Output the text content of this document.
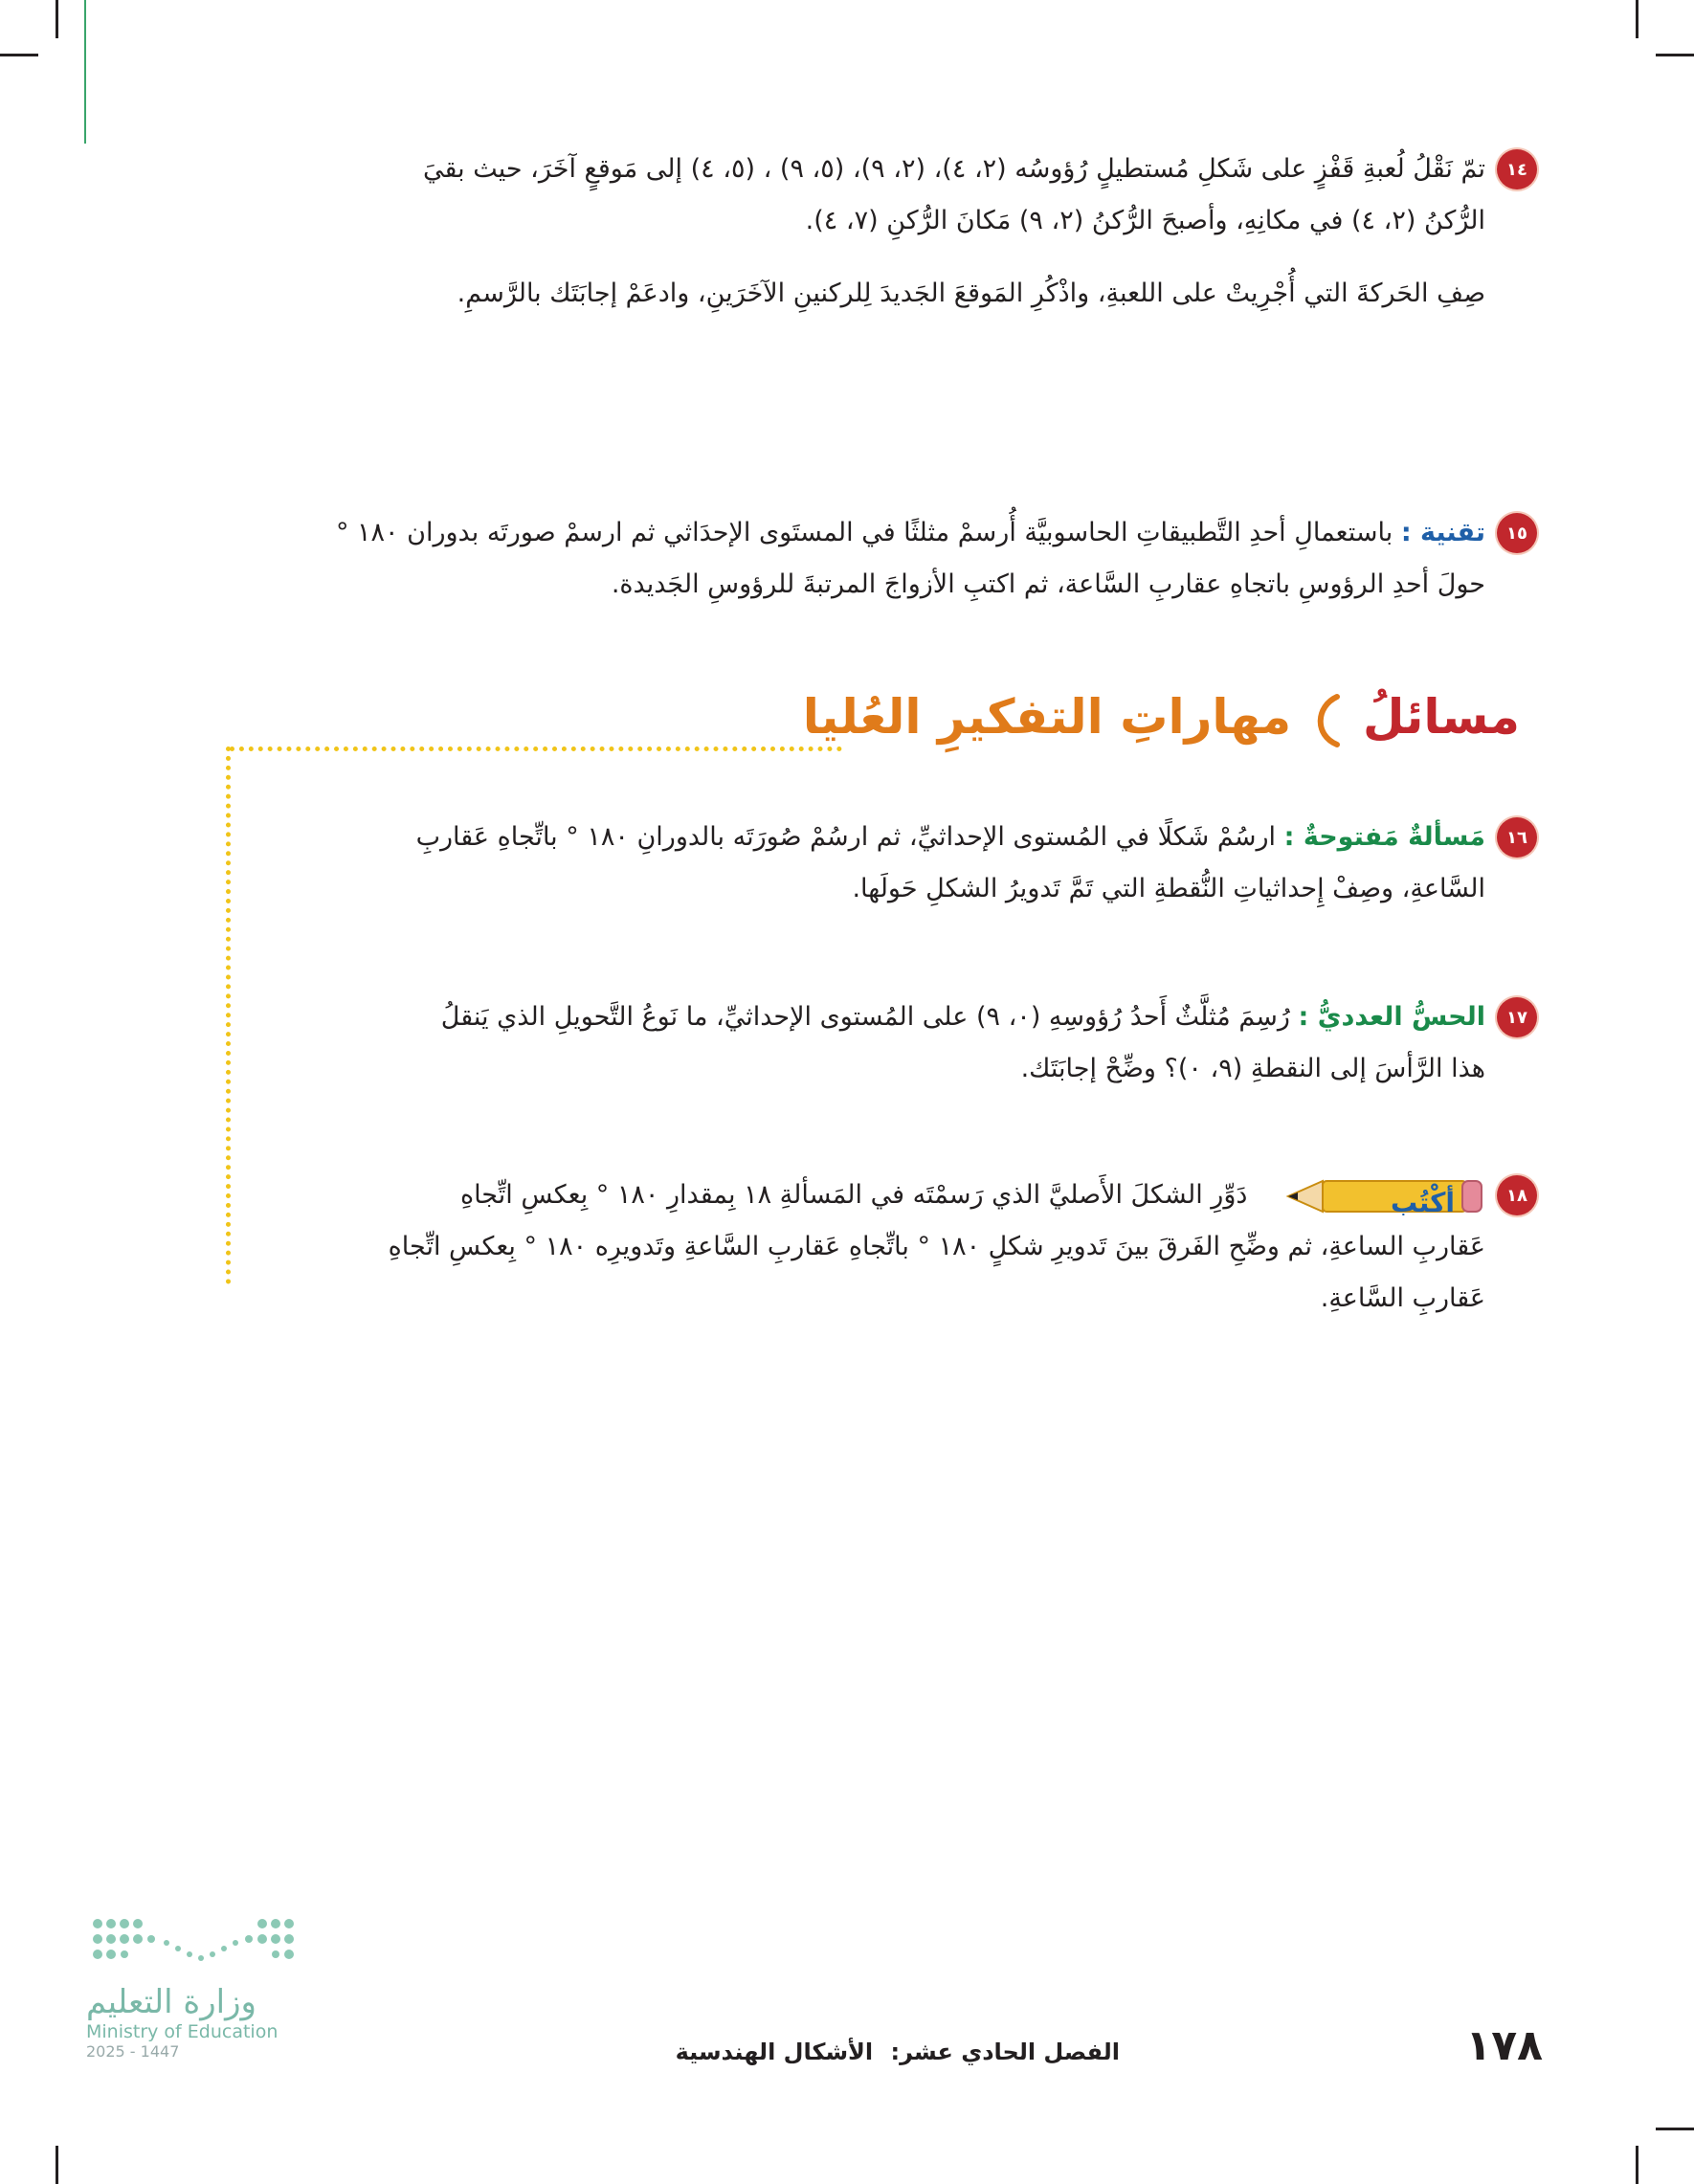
١٤
تمّ نَقْلُ لُعبةِ قَفْزٍ على شَكلِ مُستطيلٍ رُؤوسُه (٢، ٤)، (٢، ٩)، (٥، ٩) ، (٥، ٤) إلى مَوقعٍ آخَرَ، حيث بقيَ
الرُّكنُ (٢، ٤) في مكانِهِ، وأصبحَ الرُّكنُ (٢، ٩) مَكانَ الرُّكنِ (٧، ٤).
صِفِ الحَركةَ التي أُجْرِيتْ على اللعبةِ، واذْكُرِ المَوقعَ الجَديدَ لِلركنينِ الآخَرَينِ، وادعَمْ إجابَتَك بالرَّسمِ.
١٥
تقنية : باستعمالِ أحدِ التَّطبيقاتِ الحاسوبيَّة أُرسمْ مثلثًا في المستَوى الإحدَاثي ثم ارسمْ صورتَه بدوران ١٨٠ °
حولَ أحدِ الرؤوسِ باتجاهِ عقاربِ السَّاعة، ثم اكتبِ الأزواجَ المرتبةَ للرؤوسِ الجَديدة.
مسائلُ  مهاراتِ التفكيرِ العُليا
١٦
مَسألةٌ مَفتوحةٌ : ارسُمْ شَكلًا في المُستوى الإحداثيِّ، ثم ارسُمْ صُورَتَه بالدورانِ ١٨٠ ° باتِّجاهِ عَقاربِ
السَّاعةِ، وصِفْ إِحداثياتِ النُّقطةِ التي تَمَّ تَدويرُ الشكلِ حَولَها.
١٧
الحسُّ العدديُّ : رُسِمَ مُثلَّثٌ أَحدُ رُؤوسِهِ (٠، ٩) على المُستوى الإحداثيِّ، ما نَوعُ التَّحويلِ الذي يَنقلُ
هذا الرَّأسَ إلى النقطةِ (٩، ٠)؟ وضِّحْ إجابَتَك.
١٨
أكْتُب
دَوِّرِ الشكلَ الأَصليَّ الذي رَسمْتَه في المَسألةِ ١٨ بِمقدارِ ١٨٠ ° بِعكسِ اتِّجاهِ
عَقاربِ الساعةِ، ثم وضِّحِ الفَرقَ بينَ تَدويرِ شكلٍ ١٨٠ ° باتِّجاهِ عَقاربِ السَّاعةِ وتَدويرِه ١٨٠ ° بِعكسِ اتِّجاهِ
عَقاربِ السَّاعةِ.
وزارة التعليم
Ministry of Education
2025 - 1447	الفصل الحادي عشر: الأشكال الهندسية	١٧٨
